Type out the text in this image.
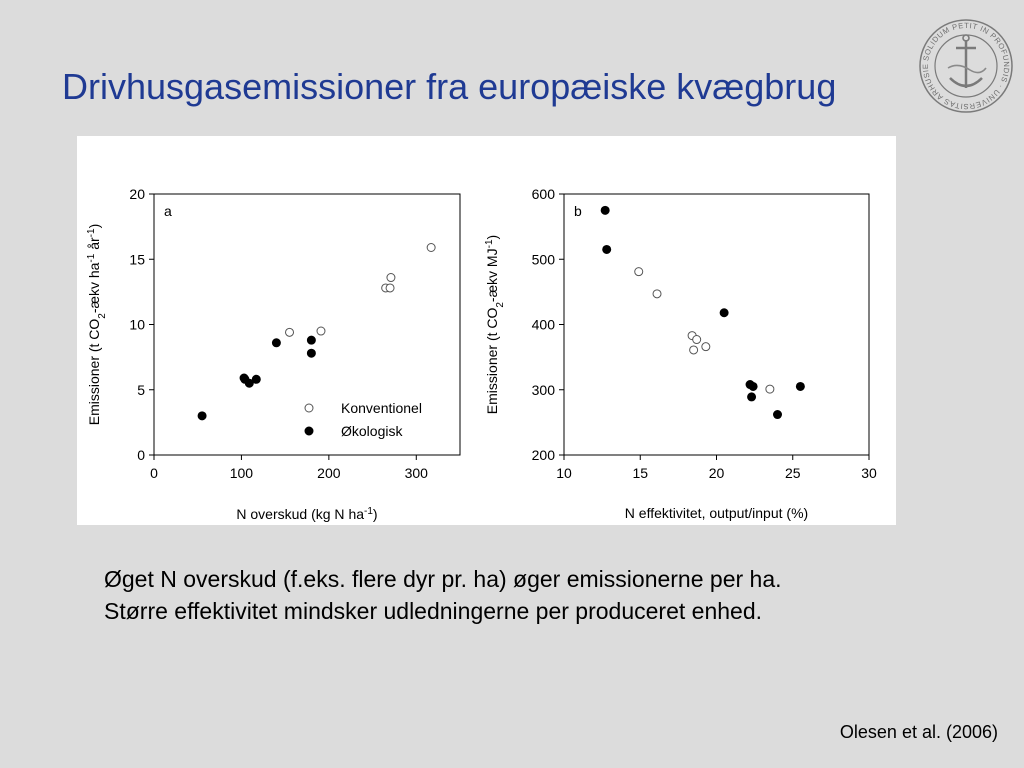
Drivhusgasemissioner fra europæiske kvægbrug
SOLIDUM PETIT IN PROFUNDIS · UNIVERSITAS ARHUSIE
0
5
10
15
20
0	100	200	300
a
N overskud (kg N $ha^{-1}$)
Emissioner (t $CO_2$-ækv $ha^{-1}$ $år^{-1}$)
Konventionel
Økologisk
200
300
400
500
600
10	15	20	25	30
b
N effektivitet, output/input (%)
Emissioner (t $CO_2$-ækv $MJ^{-1}$)
Øget N overskud (f.eks. flere dyr pr. ha) øger emissionerne per ha.
Større effektivitet mindsker udledningerne per produceret enhed.
Olesen et al. (2006)
